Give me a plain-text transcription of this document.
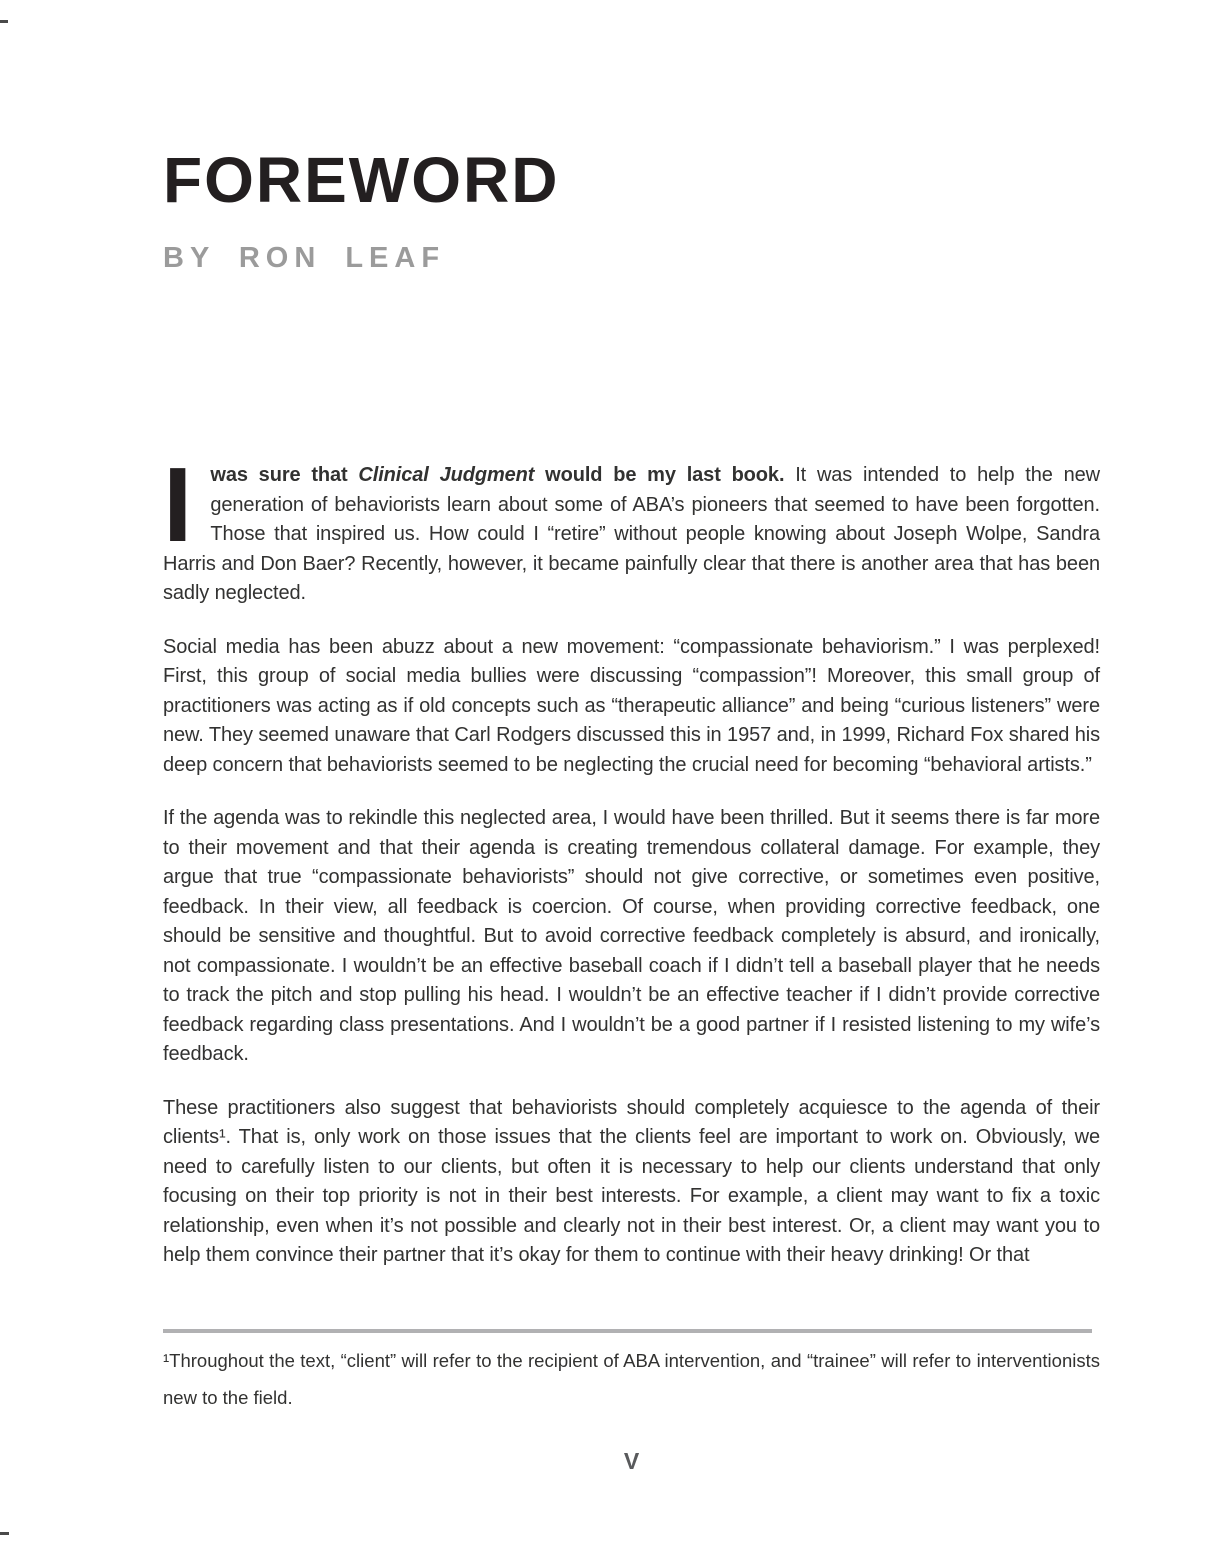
FOREWORD
BY RON LEAF

Iwas sure that Clinical Judgment would be my last book. It was intended to help the new generation of behaviorists learn about some of ABA’s pioneers that seemed to have been forgotten. Those that inspired us. How could I “retire” without people knowing about Joseph Wolpe, Sandra Harris and Don Baer? Recently, however, it became painfully clear that there is another area that has been sadly neglected.

Social media has been abuzz about a new movement: “compassionate behaviorism.” I was perplexed! First, this group of social media bullies were discussing “compassion”! Moreover, this small group of practitioners was acting as if old concepts such as “therapeutic alliance” and being “curious listeners” were new. They seemed unaware that Carl Rodgers discussed this in 1957 and, in 1999, Richard Fox shared his deep concern that behaviorists seemed to be neglecting the crucial need for becoming “behavioral artists.”

If the agenda was to rekindle this neglected area, I would have been thrilled. But it seems there is far more to their movement and that their agenda is creating tremendous collateral damage. For example, they argue that true “compassionate behaviorists” should not give corrective, or sometimes even positive, feedback. In their view, all feedback is coercion. Of course, when providing corrective feedback, one should be sensitive and thoughtful. But to avoid corrective feedback completely is absurd, and ironically, not compassionate. I wouldn’t be an effective baseball coach if I didn’t tell a baseball player that he needs to track the pitch and stop pulling his head. I wouldn’t be an effective teacher if I didn’t provide corrective feedback regarding class presentations. And I wouldn’t be a good partner if I resisted listening to my wife’s feedback.

These practitioners also suggest that behaviorists should completely acquiesce to the agenda of their clients¹. That is, only work on those issues that the clients feel are important to work on. Obviously, we need to carefully listen to our clients, but often it is necessary to help our clients understand that only focusing on their top priority is not in their best interests. For example, a client may want to fix a toxic relationship, even when it’s not possible and clearly not in their best interest. Or, a client may want you to help them convince their partner that it’s okay for them to continue with their heavy drinking! Or that

¹Throughout the text, “client” will refer to the recipient of ABA intervention, and “trainee” will refer to interventionists new to the field.

V
